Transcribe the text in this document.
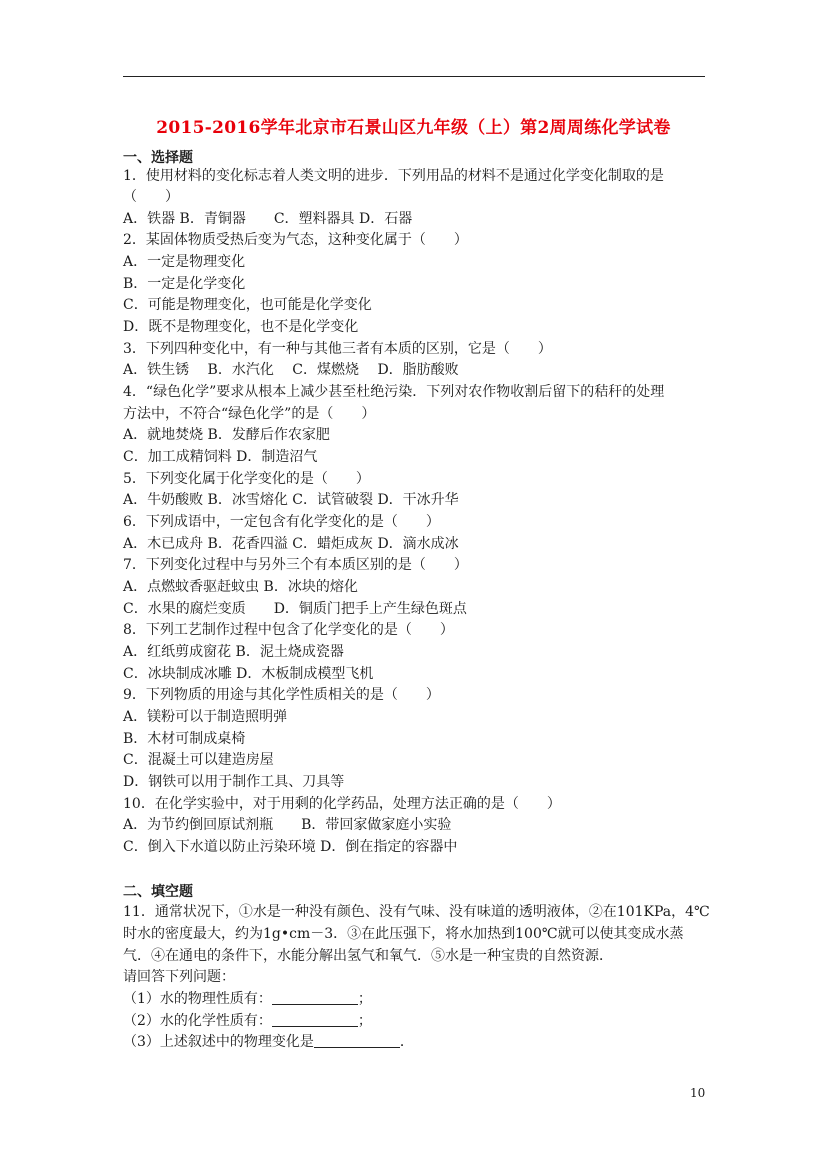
2015-2016学年北京市石景山区九年级（上）第2周周练化学试卷
一、选择题
1．使用材料的变化标志着人类文明的进步．下列用品的材料不是通过化学变化制取的是
（　　）
A．铁器 B．青铜器　　C．塑料器具 D．石器
2．某固体物质受热后变为气态，这种变化属于（　　）
A．一定是物理变化
B．一定是化学变化
C．可能是物理变化，也可能是化学变化
D．既不是物理变化，也不是化学变化
3．下列四种变化中，有一种与其他三者有本质的区别，它是（　　）
A．铁生锈　 B．水汽化　 C．煤燃烧　 D．脂肪酸败
4．“绿色化学”要求从根本上减少甚至杜绝污染．下列对农作物收割后留下的秸秆的处理
方法中，不符合“绿色化学”的是（　　）
A．就地焚烧 B．发酵后作农家肥
C．加工成精饲料 D．制造沼气
5．下列变化属于化学变化的是（　　）
A．牛奶酸败 B．冰雪熔化 C．试管破裂 D．干冰升华
6．下列成语中，一定包含有化学变化的是（　　）
A．木已成舟 B．花香四溢 C．蜡炬成灰 D．滴水成冰
7．下列变化过程中与另外三个有本质区别的是（　　）
A．点燃蚊香驱赶蚊虫 B．冰块的熔化
C．水果的腐烂变质　　D．铜质门把手上产生绿色斑点
8．下列工艺制作过程中包含了化学变化的是（　　）
A．红纸剪成窗花 B．泥土烧成瓷器
C．冰块制成冰雕 D．木板制成模型飞机
9．下列物质的用途与其化学性质相关的是（　　）
A．镁粉可以于制造照明弹
B．木材可制成桌椅
C．混凝土可以建造房屋
D．钢铁可以用于制作工具、刀具等
10．在化学实验中，对于用剩的化学药品，处理方法正确的是（　　）
A．为节约倒回原试剂瓶　　B．带回家做家庭小实验
C．倒入下水道以防止污染环境 D．倒在指定的容器中
二、填空题
11．通常状况下，①水是一种没有颜色、没有气味、没有味道的透明液体，②在101KPa，4℃
时水的密度最大，约为1g•cm－3．③在此压强下，将水加热到100℃就可以使其变成水蒸
气．④在通电的条件下，水能分解出氢气和氧气．⑤水是一种宝贵的自然资源．
请回答下列问题：
（1）水的物理性质有：	；
（2）水的化学性质有：	；
（3）上述叙述中的物理变化是	．
10
